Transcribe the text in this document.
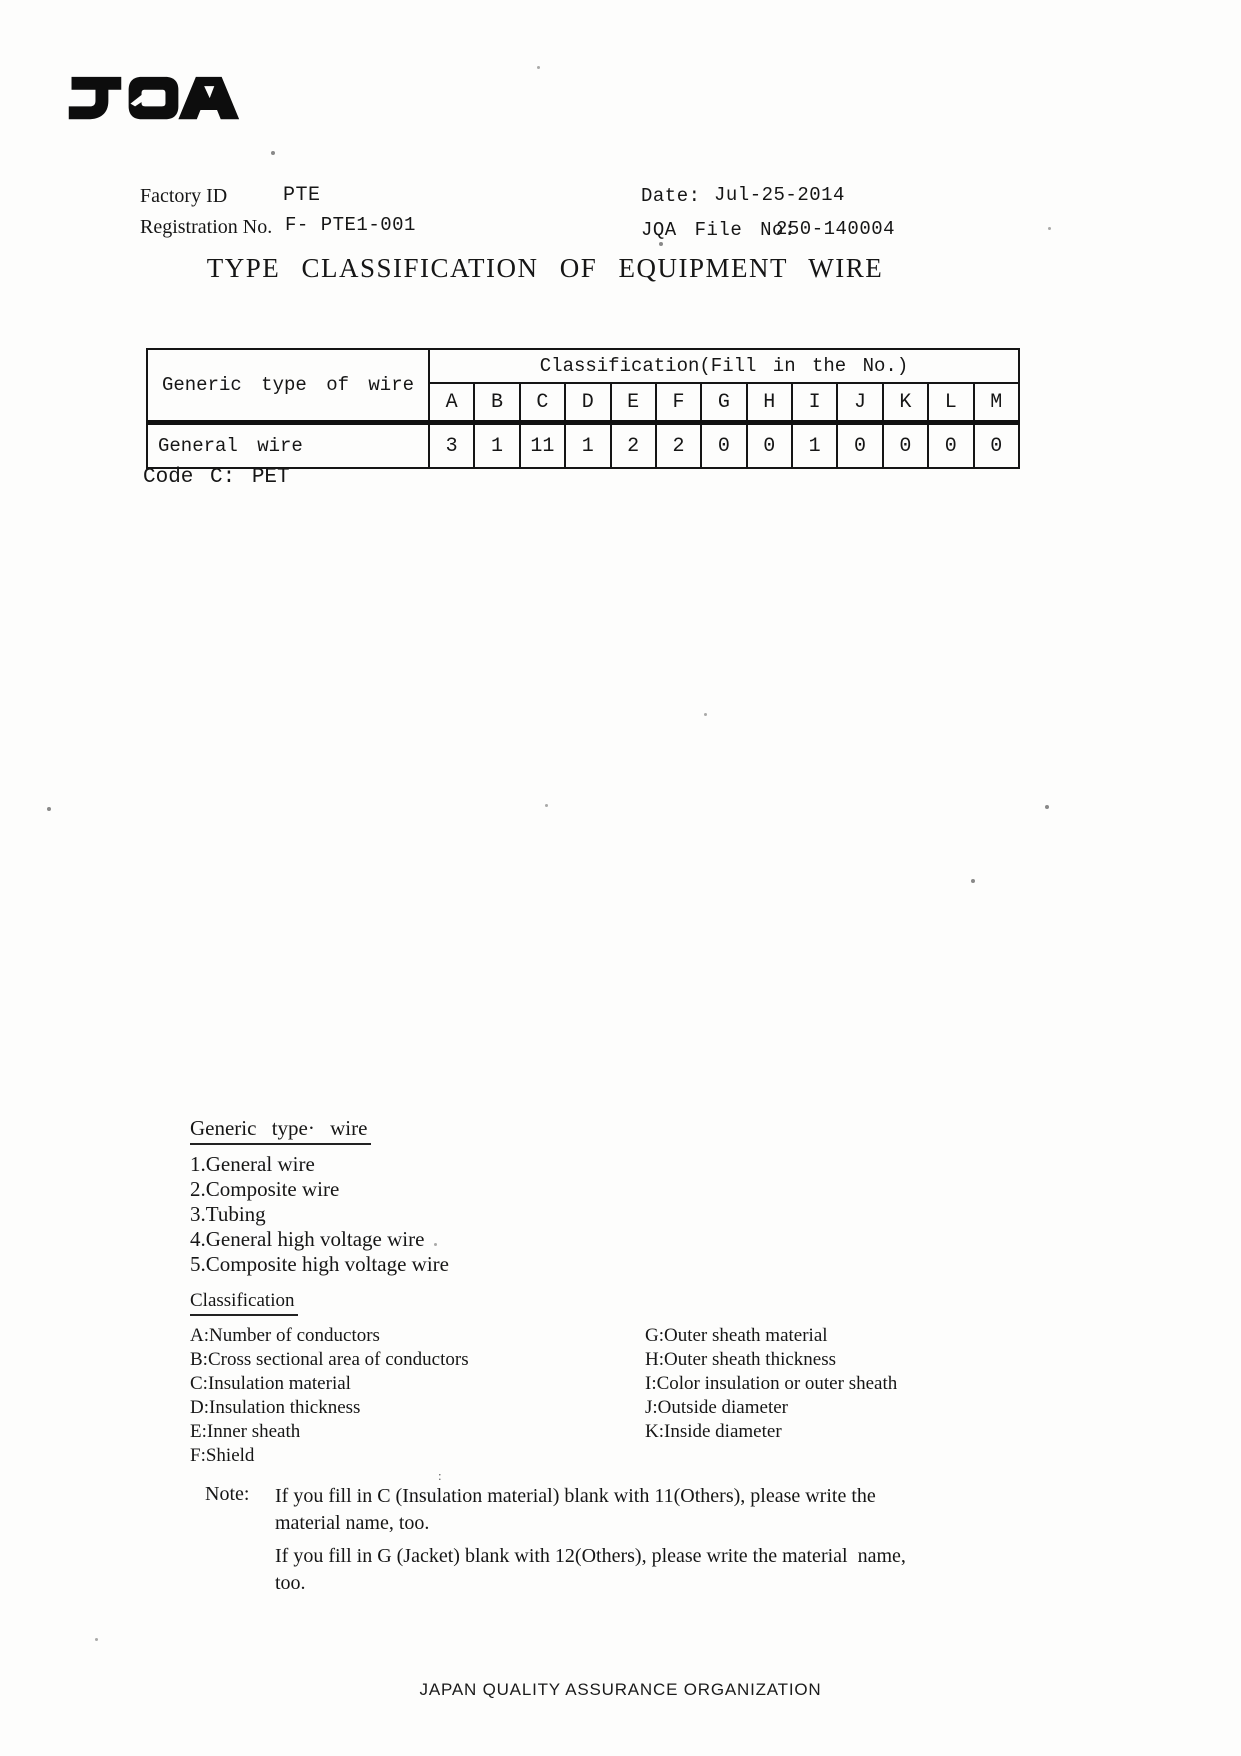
Factory ID	PTE
Registration No. F- PTE1-001
Date: Jul-25-2014
JQA File No:
250-140004
TYPE CLASSIFICATION OF EQUIPMENT WIRE
Generic type of wire	Classification(Fill in the No.)												
	A	B	C	D	E	F	G	H	I	J	K	L	M
General wire	3	1	11	1	2	2	0	0	1	0	0	0	0
Code C: PET
Generic type· wire
1.General wire
2.Composite wire
3.Tubing
4.General high voltage wire
5.Composite high voltage wire
Classification
A:Number of conductors
B:Cross sectional area of conductors
C:Insulation material
D:Insulation thickness
E:Inner sheath
F:Shield
G:Outer sheath material
H:Outer sheath thickness
I:Color insulation or outer sheath
J:Outside diameter
K:Inside diameter
Note: If you fill in C (Insulation material) blank with 11(Others), please write the
material name, too.
If you fill in G (Jacket) blank with 12(Others), please write the material  name,
too.
JAPAN QUALITY ASSURANCE ORGANIZATION
:
